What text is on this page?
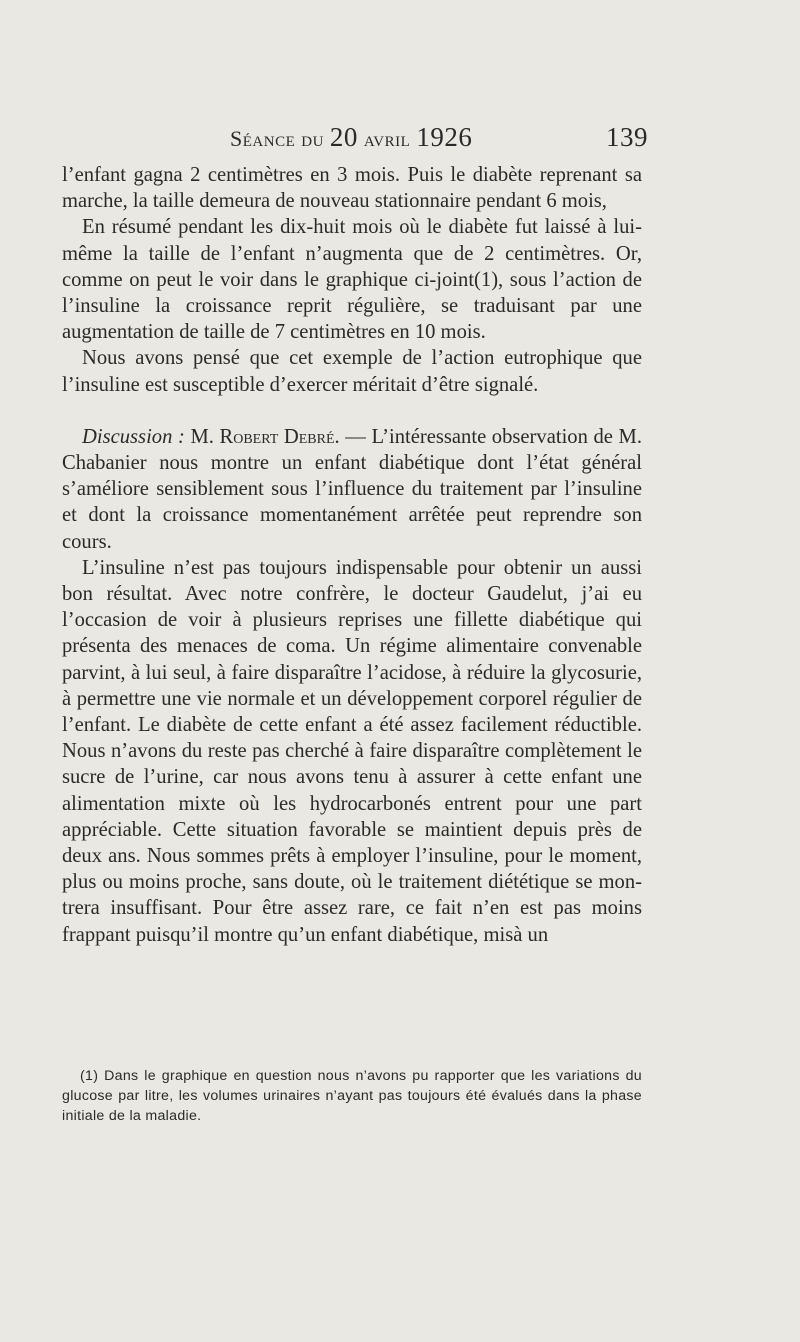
Séance du 20 avril 1926	139

l’enfant gagna 2 centimètres en 3 mois. Puis le diabète reprenant sa marche, la taille demeura de nouveau stationnaire pendant 6 mois,

En résumé pendant les dix-huit mois où le diabète fut laissé à lui-même la taille de l’enfant n’augmenta que de 2 centimètres. Or, comme on peut le voir dans le graphique ci-joint(1), sous l’action de l’insuline la croissance reprit régulière, se traduisant par une augmentation de taille de 7 centimètres en 10 mois.

Nous avons pensé que cet exemple de l’action eutrophique que l’insuline est susceptible d’exercer méritait d’être signalé.

Discussion : M. Robert Debré. — L’intéressante observation de M. Chabanier nous montre un enfant diabétique dont l’état général s’améliore sensiblement sous l’influence du traitement par l’insuline et dont la croissance momentanément arrêtée peut reprendre son cours.

L’insuline n’est pas toujours indispensable pour obtenir un aussi bon résultat. Avec notre confrère, le docteur Gaudelut, j’ai eu l’occasion de voir à plusieurs reprises une fillette diabétique qui présenta des menaces de coma. Un régime alimentaire convenable parvint, à lui seul, à faire disparaître l’acidose, à réduire la glycosurie, à permettre une vie normale et un développement corporel régulier de l’enfant. Le diabète de cette enfant a été assez facilement réductible. Nous n’avons du reste pas cherché à faire disparaître complètement le sucre de l’urine, car nous avons tenu à assurer à cette enfant une alimentation mixte où les hydrocarbonés entrent pour une part appréciable. Cette situation favorable se maintient depuis près de deux ans. Nous sommes prêts à employer l’insuline, pour le moment, plus ou moins proche, sans doute, où le traitement diététique se montrera insuffisant. Pour être assez rare, ce fait n’en est pas moins frappant puisqu’il montre qu’un enfant diabétique, misà un

(1) Dans le graphique en question nous n’avons pu rapporter que les variations du glucose par litre, les volumes urinaires n’ayant pas toujours été évalués dans la phase initiale de la maladie.
